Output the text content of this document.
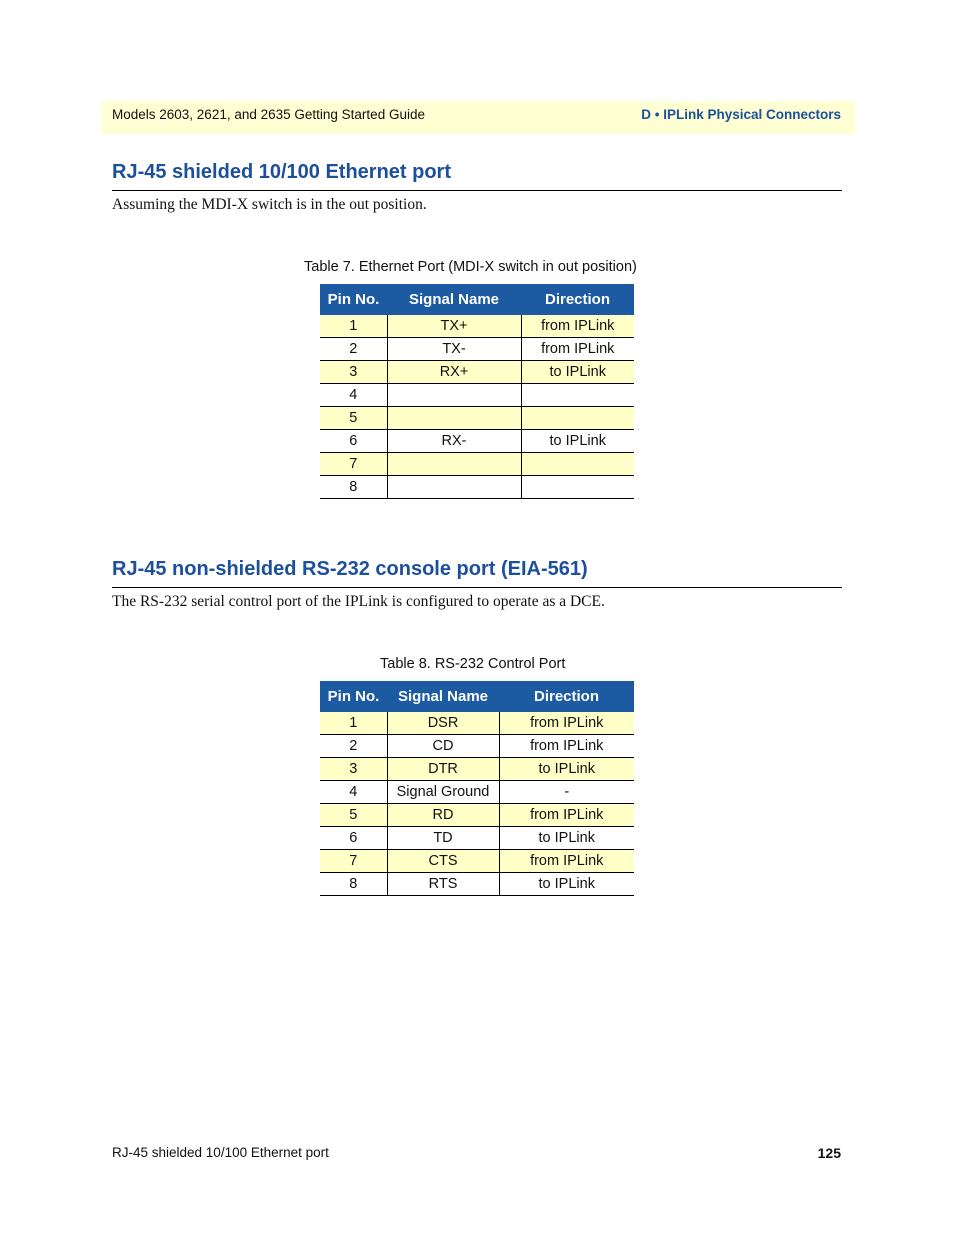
Models 2603, 2621, and 2635 Getting Started Guide	D • IPLink Physical Connectors
RJ-45 shielded 10/100 Ethernet port

Assuming the MDI-X switch is in the out position.

Table 7. Ethernet Port (MDI-X switch in out position)
Pin No.	Signal Name	Direction
1	TX+	from IPLink
2	TX-	from IPLink
3	RX+	to IPLink
4		
5		
6	RX-	to IPLink
7		
8		
RJ-45 non-shielded RS-232 console port (EIA-561)

The RS-232 serial control port of the IPLink is configured to operate as a DCE.

Table 8. RS-232 Control Port
Pin No.	Signal Name	Direction
1	DSR	from IPLink
2	CD	from IPLink
3	DTR	to IPLink
4	Signal Ground	-
5	RD	from IPLink
6	TD	to IPLink
7	CTS	from IPLink
8	RTS	to IPLink
RJ-45 shielded 10/100 Ethernet port	125
